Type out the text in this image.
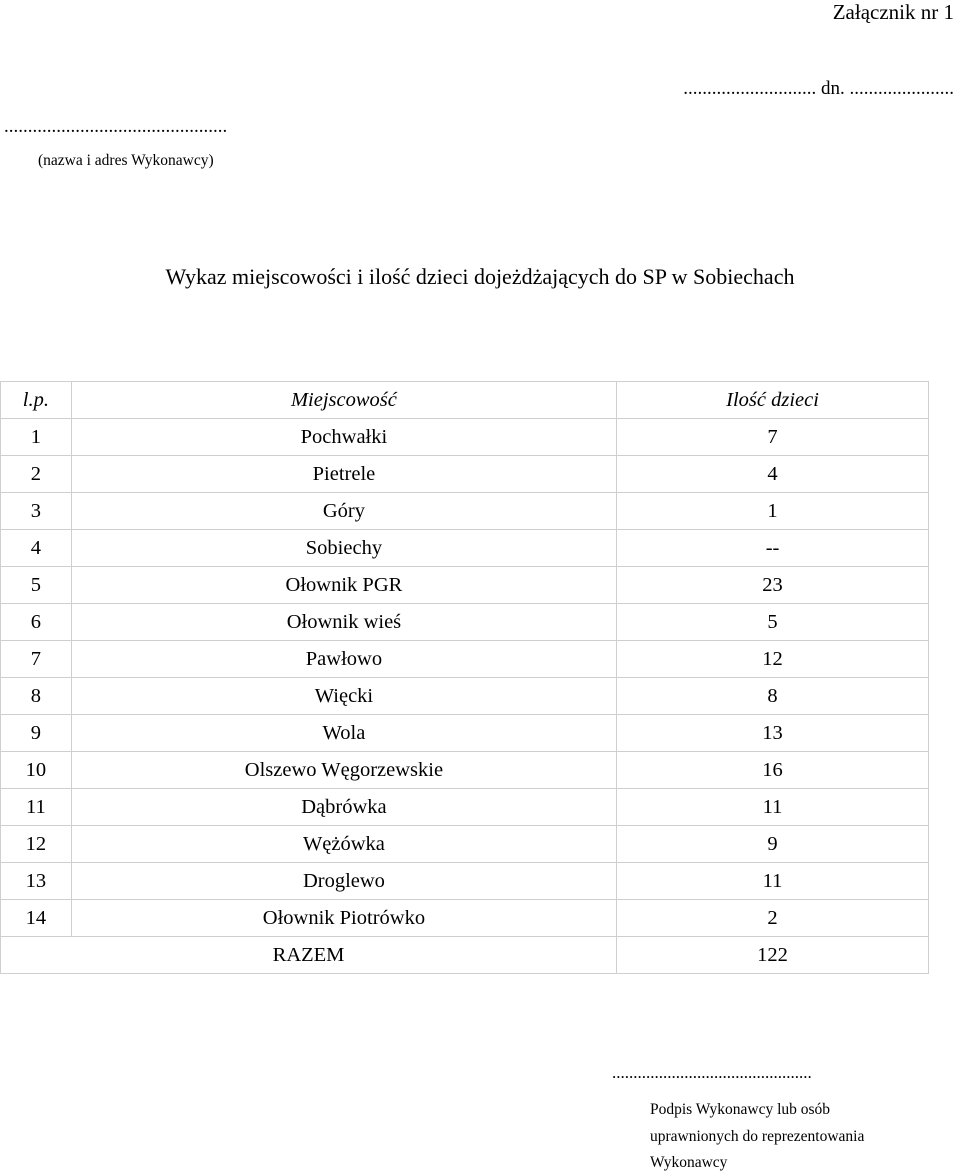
Załącznik nr 1
............................ dn. ......................
...............................................
(nazwa i adres Wykonawcy)
Wykaz miejscowości i ilość dzieci dojeżdżających do SP w Sobiechach
l.p.	Miejscowość	Ilość dzieci
1	Pochwałki	7
2	Pietrele	4
3	Góry	1
4	Sobiechy	--
5	Ołownik PGR	23
6	Ołownik wieś	5
7	Pawłowo	12
8	Więcki	8
9	Wola	13
10	Olszewo Węgorzewskie	16
11	Dąbrówka	11
12	Wężówka	9
13	Droglewo	11
14	Ołownik Piotrówko	2
RAZEM		122
...............................................
Podpis Wykonawcy lub osób
uprawnionych do reprezentowania
Wykonawcy
